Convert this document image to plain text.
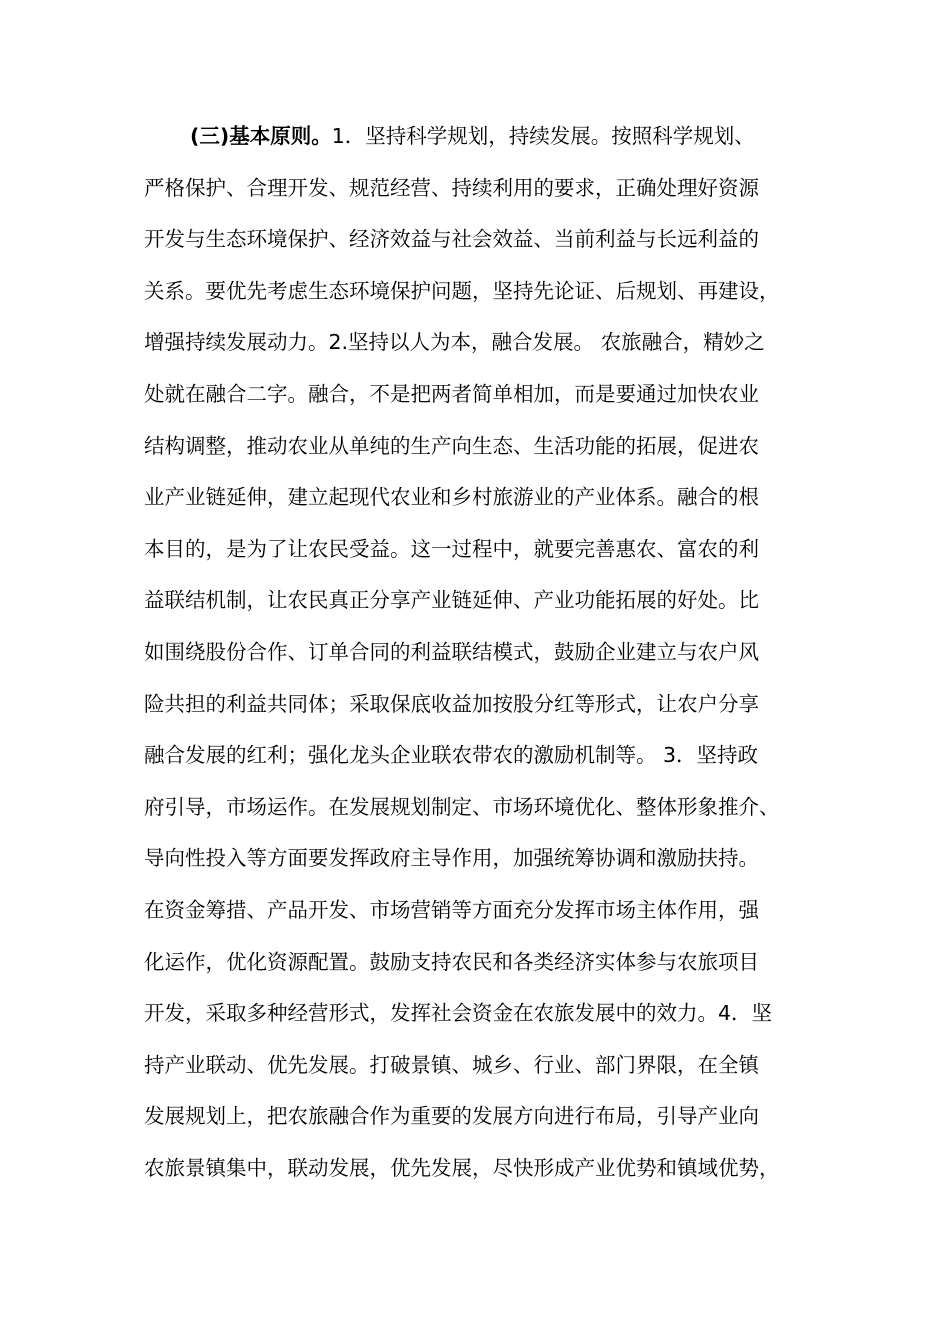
(三)基本原则。1．坚持科学规划，持续发展。按照科学规划、
严格保护、合理开发、规范经营、持续利用的要求，正确处理好资源
开发与生态环境保护、经济效益与社会效益、当前利益与长远利益的
关系。要优先考虑生态环境保护问题，坚持先论证、后规划、再建设，
增强持续发展动力。2.坚持以人为本，融合发展。 农旅融合，精妙之
处就在融合二字。融合，不是把两者简单相加，而是要通过加快农业
结构调整，推动农业从单纯的生产向生态、生活功能的拓展，促进农
业产业链延伸，建立起现代农业和乡村旅游业的产业体系。融合的根
本目的，是为了让农民受益。这一过程中，就要完善惠农、富农的利
益联结机制，让农民真正分享产业链延伸、产业功能拓展的好处。比
如围绕股份合作、订单合同的利益联结模式，鼓励企业建立与农户风
险共担的利益共同体；采取保底收益加按股分红等形式，让农户分享
融合发展的红利；强化龙头企业联农带农的激励机制等。 3．坚持政
府引导，市场运作。在发展规划制定、市场环境优化、整体形象推介、
导向性投入等方面要发挥政府主导作用，加强统筹协调和激励扶持。
在资金筹措、产品开发、市场营销等方面充分发挥市场主体作用，强
化运作，优化资源配置。鼓励支持农民和各类经济实体参与农旅项目
开发，采取多种经营形式，发挥社会资金在农旅发展中的效力。4．坚
持产业联动、优先发展。打破景镇、城乡、行业、部门界限，在全镇
发展规划上，把农旅融合作为重要的发展方向进行布局，引导产业向
农旅景镇集中，联动发展，优先发展，尽快形成产业优势和镇域优势，
